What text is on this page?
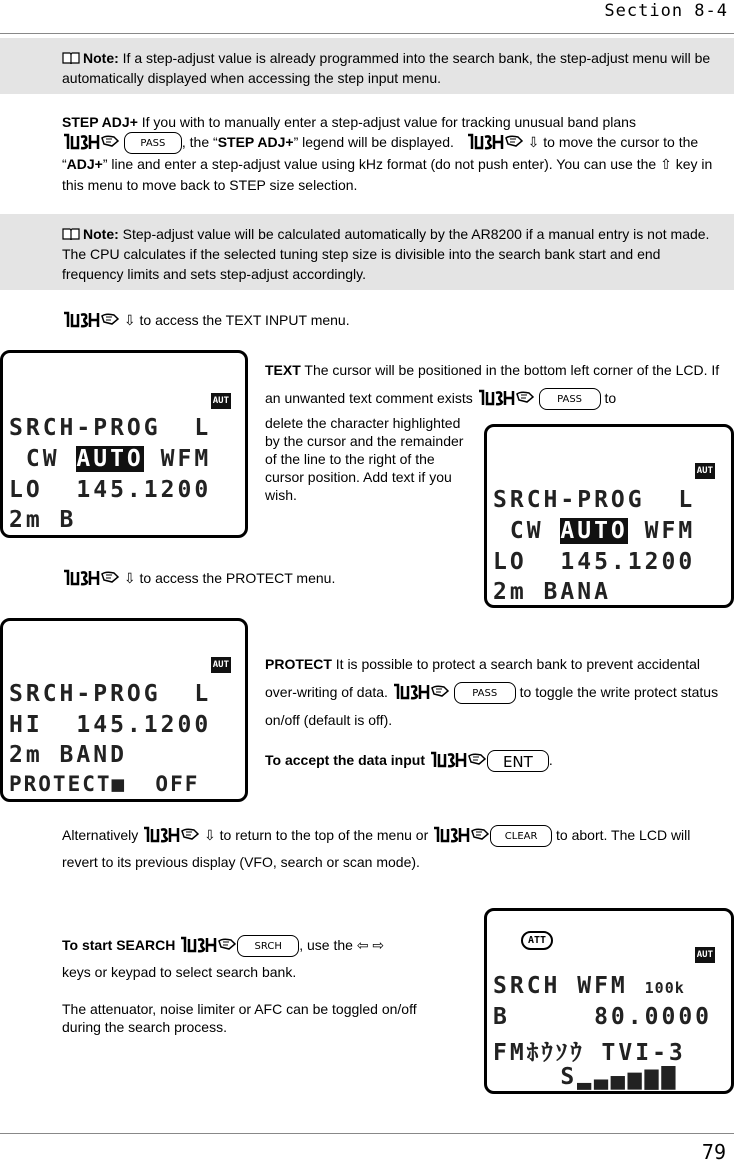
Section 8-4
Note: If a step-adjust value is already programmed into the search bank, the step-adjust menu will be automatically displayed when accessing the step input menu.
STEP ADJ+ If you with to manually enter a step-adjust value for tracking unusual band plans
PASS , the “STEP ADJ+” legend will be displayed.	⇩ to move the cursor to the “ADJ+” line and enter a step-adjust value using kHz format (do not push enter). You can use the ⇧ key in this menu to move back to STEP size selection.
Note: Step-adjust value will be calculated automatically by the AR8200 if a manual entry is not made. The CPU calculates if the selected tuning step size is divisible into the search bank start and end frequency limits and sets step-adjust accordingly.
⇩ to access the TEXT INPUT menu.
AUT
SRCH-PROG  L
CW AUTO WFM
LO  145.1200
2m B
TEXT The cursor will be positioned in the bottom left corner of the LCD. If an unwanted text comment exists	PASS to
delete the character highlighted by the cursor and the remainder of the line to the right of the cursor position. Add text if you wish.
AUT
SRCH-PROG  L
CW AUTO WFM
LO  145.1200
2m BANA
⇩ to access the PROTECT menu.
AUT
SRCH-PROG  L
HI  145.1200
2m BAND
PROTECT■  OFF
PROTECT It is possible to protect a search bank to prevent accidental over-writing of data.	PASS to toggle the write protect status on/off (default is off).
To accept the data input	ENT .
Alternatively	⇩ to return to the top of the menu or	CLEAR to abort. The LCD will revert to its previous display (VFO, search or scan mode).
To start SEARCH	SRCH , use the ⇦ ⇨
keys or keypad to select search bank.
The attenuator, noise limiter or AFC can be toggled on/off during the search process.
ATT
AUT
SRCH WFM 100k
B     80.0000
FMﾎｳｿｳ TVI-3
S▂▃▄▅▆▇
79
